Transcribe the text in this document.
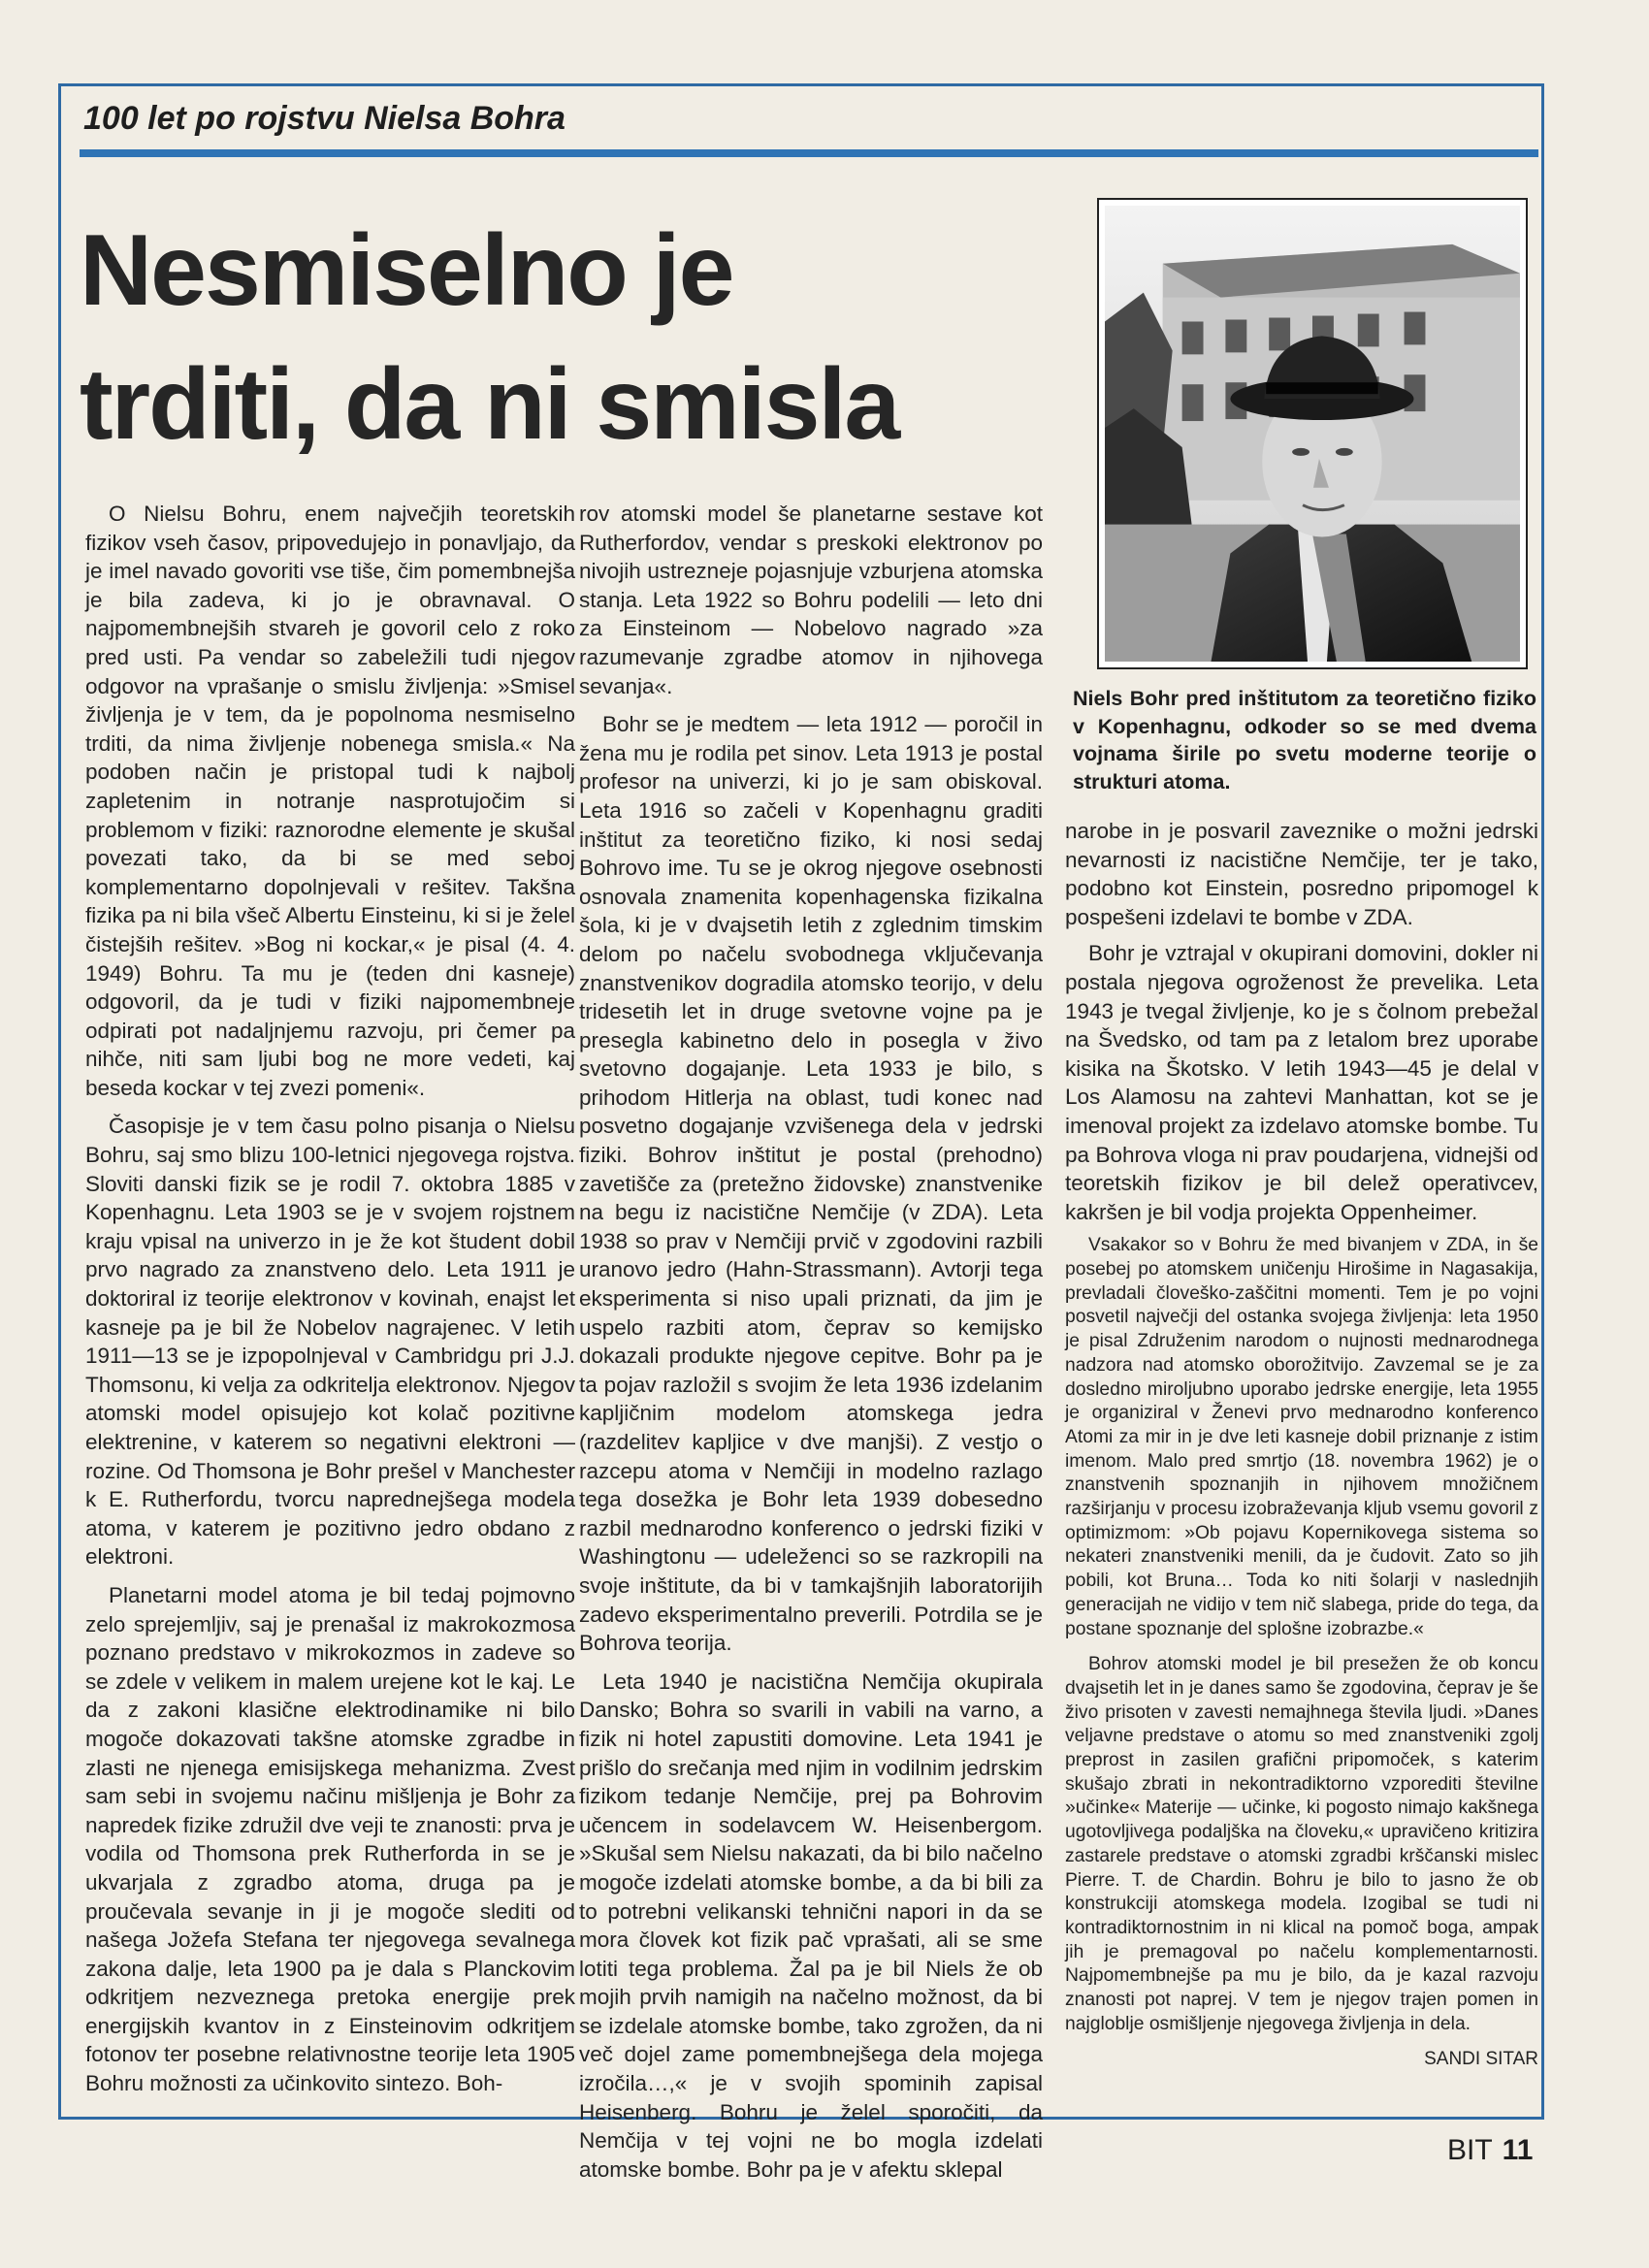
100 let po rojstvu Nielsa Bohra
Nesmiselno je
trditi, da ni smisla

Niels Bohr pred inštitutom za teoretično fiziko v Kopenhagnu, odkoder so se med dvema vojnama širile po svetu moderne teorije o strukturi atoma.

O Nielsu Bohru, enem največjih teoretskih fizikov vseh časov, pripovedujejo in ponavljajo, da je imel navado govoriti vse tiše, čim pomembnejša je bila zadeva, ki jo je obravnaval. O najpomembnejših stvareh je govoril celo z roko pred usti. Pa vendar so zabeležili tudi njegov odgovor na vprašanje o smislu življenja: »Smisel življenja je v tem, da je popolnoma nesmiselno trditi, da nima življenje nobenega smisla.« Na podoben način je pristopal tudi k najbolj zapletenim in notranje nasprotujočim si problemom v fiziki: raznorodne elemente je skušal povezati tako, da bi se med seboj komplementarno dopolnjevali v rešitev. Takšna fizika pa ni bila všeč Albertu Einsteinu, ki si je želel čistejših rešitev. »Bog ni kockar,« je pisal (4. 4. 1949) Bohru. Ta mu je (teden dni kasneje) odgovoril, da je tudi v fiziki najpomembneje odpirati pot nadaljnjemu razvoju, pri čemer pa nihče, niti sam ljubi bog ne more vedeti, kaj beseda kockar v tej zvezi pomeni«.

Časopisje je v tem času polno pisanja o Nielsu Bohru, saj smo blizu 100-letnici njegovega rojstva. Sloviti danski fizik se je rodil 7. oktobra 1885 v Kopenhagnu. Leta 1903 se je v svojem rojstnem kraju vpisal na univerzo in je že kot študent dobil prvo nagrado za znanstveno delo. Leta 1911 je doktoriral iz teorije elektronov v kovinah, enajst let kasneje pa je bil že Nobelov nagrajenec. V letih 1911—13 se je izpopolnjeval v Cambridgu pri J.J. Thomsonu, ki velja za odkritelja elektronov. Njegov atomski model opisujejo kot kolač pozitivne elektrenine, v katerem so negativni elektroni — rozine. Od Thomsona je Bohr prešel v Manchester k E. Rutherfordu, tvorcu naprednejšega modela atoma, v katerem je pozitivno jedro obdano z elektroni.

Planetarni model atoma je bil tedaj pojmovno zelo sprejemljiv, saj je prenašal iz makrokozmosa poznano predstavo v mikrokozmos in zadeve so se zdele v velikem in malem urejene kot le kaj. Le da z zakoni klasične elektrodinamike ni bilo mogoče dokazovati takšne atomske zgradbe in zlasti ne njenega emisijskega mehanizma. Zvest sam sebi in svojemu načinu mišljenja je Bohr za napredek fizike združil dve veji te znanosti: prva je vodila od Thomsona prek Rutherforda in se je ukvarjala z zgradbo atoma, druga pa je proučevala sevanje in ji je mogoče slediti od našega Jožefa Stefana ter njegovega sevalnega zakona dalje, leta 1900 pa je dala s Planckovim odkritjem nezveznega pretoka energije prek energijskih kvantov in z Einsteinovim odkritjem fotonov ter posebne relativnostne teorije leta 1905 Bohru možnosti za učinkovito sintezo. Boh-

rov atomski model še planetarne sestave kot Rutherfordov, vendar s preskoki elektronov po nivojih ustrezneje pojasnjuje vzburjena atomska stanja. Leta 1922 so Bohru podelili — leto dni za Einsteinom — Nobelovo nagrado »za razumevanje zgradbe atomov in njihovega sevanja«.

Bohr se je medtem — leta 1912 — poročil in žena mu je rodila pet sinov. Leta 1913 je postal profesor na univerzi, ki jo je sam obiskoval. Leta 1916 so začeli v Kopenhagnu graditi inštitut za teoretično fiziko, ki nosi sedaj Bohrovo ime. Tu se je okrog njegove osebnosti osnovala znamenita kopenhagenska fizikalna šola, ki je v dvajsetih letih z zglednim timskim delom po načelu svobodnega vključevanja znanstvenikov dogradila atomsko teorijo, v delu tridesetih let in druge svetovne vojne pa je presegla kabinetno delo in posegla v živo svetovno dogajanje. Leta 1933 je bilo, s prihodom Hitlerja na oblast, tudi konec nad posvetno dogajanje vzvišenega dela v jedrski fiziki. Bohrov inštitut je postal (prehodno) zavetišče za (pretežno židovske) znanstvenike na begu iz nacistične Nemčije (v ZDA). Leta 1938 so prav v Nemčiji prvič v zgodovini razbili uranovo jedro (Hahn-Strassmann). Avtorji tega eksperimenta si niso upali priznati, da jim je uspelo razbiti atom, čeprav so kemijsko dokazali produkte njegove cepitve. Bohr pa je ta pojav razložil s svojim že leta 1936 izdelanim kapljičnim modelom atomskega jedra (razdelitev kapljice v dve manjši). Z vestjo o razcepu atoma v Nemčiji in modelno razlago tega dosežka je Bohr leta 1939 dobesedno razbil mednarodno konferenco o jedrski fiziki v Washingtonu — udeleženci so se razkropili na svoje inštitute, da bi v tamkajšnjih laboratorijih zadevo eksperimentalno preverili. Potrdila se je Bohrova teorija.

Leta 1940 je nacistična Nemčija okupirala Dansko; Bohra so svarili in vabili na varno, a fizik ni hotel zapustiti domovine. Leta 1941 je prišlo do srečanja med njim in vodilnim jedrskim fizikom tedanje Nemčije, prej pa Bohrovim učencem in sodelavcem W. Heisenbergom. »Skušal sem Nielsu nakazati, da bi bilo načelno mogoče izdelati atomske bombe, a da bi bili za to potrebni velikanski tehnični napori in da se mora človek kot fizik pač vprašati, ali se sme lotiti tega problema. Žal pa je bil Niels že ob mojih prvih namigih na načelno možnost, da bi se izdelale atomske bombe, tako zgrožen, da ni več dojel zame pomembnejšega dela mojega izročila…,« je v svojih spominih zapisal Heisenberg. Bohru je želel sporočiti, da Nemčija v tej vojni ne bo mogla izdelati atomske bombe. Bohr pa je v afektu sklepal

narobe in je posvaril zaveznike o možni jedrski nevarnosti iz nacistične Nemčije, ter je tako, podobno kot Einstein, posredno pripomogel k pospešeni izdelavi te bombe v ZDA.

Bohr je vztrajal v okupirani domovini, dokler ni postala njegova ogroženost že prevelika. Leta 1943 je tvegal življenje, ko je s čolnom prebežal na Švedsko, od tam pa z letalom brez uporabe kisika na Škotsko. V letih 1943—45 je delal v Los Alamosu na zahtevi Manhattan, kot se je imenoval projekt za izdelavo atomske bombe. Tu pa Bohrova vloga ni prav poudarjena, vidnejši od teoretskih fizikov je bil delež operativcev, kakršen je bil vodja projekta Oppenheimer.

Vsakakor so v Bohru že med bivanjem v ZDA, in še posebej po atomskem uničenju Hirošime in Nagasakija, prevladali človeško-zaščitni momenti. Tem je po vojni posvetil največji del ostanka svojega življenja: leta 1950 je pisal Združenim narodom o nujnosti mednarodnega nadzora nad atomsko oborožitvijo. Zavzemal se je za dosledno miroljubno uporabo jedrske energije, leta 1955 je organiziral v Ženevi prvo mednarodno konferenco Atomi za mir in je dve leti kasneje dobil priznanje z istim imenom. Malo pred smrtjo (18. novembra 1962) je o znanstvenih spoznanjih in njihovem množičnem razširjanju v procesu izobraževanja kljub vsemu govoril z optimizmom: »Ob pojavu Kopernikovega sistema so nekateri znanstveniki menili, da je čudovit. Zato so jih pobili, kot Bruna… Toda ko niti šolarji v naslednjih generacijah ne vidijo v tem nič slabega, pride do tega, da postane spoznanje del splošne izobrazbe.«

Bohrov atomski model je bil presežen že ob koncu dvajsetih let in je danes samo še zgodovina, čeprav je še živo prisoten v zavesti nemajhnega števila ljudi. »Danes veljavne predstave o atomu so med znanstveniki zgolj preprost in zasilen grafični pripomoček, s katerim skušajo zbrati in nekontradiktorno vzporediti številne »učinke« Materije — učinke, ki pogosto nimajo kakšnega ugotovljivega podaljška na človeku,« upravičeno kritizira zastarele predstave o atomski zgradbi krščanski mislec Pierre. T. de Chardin. Bohru je bilo to jasno že ob konstrukciji atomskega modela. Izogibal se tudi ni kontradiktornostnim in ni klical na pomoč boga, ampak jih je premagoval po načelu komplementarnosti. Najpomembnejše pa mu je bilo, da je kazal razvoju znanosti pot naprej. V tem je njegov trajen pomen in najgloblje osmišljenje njegovega življenja in dela.

SANDI SITAR

BIT 11
